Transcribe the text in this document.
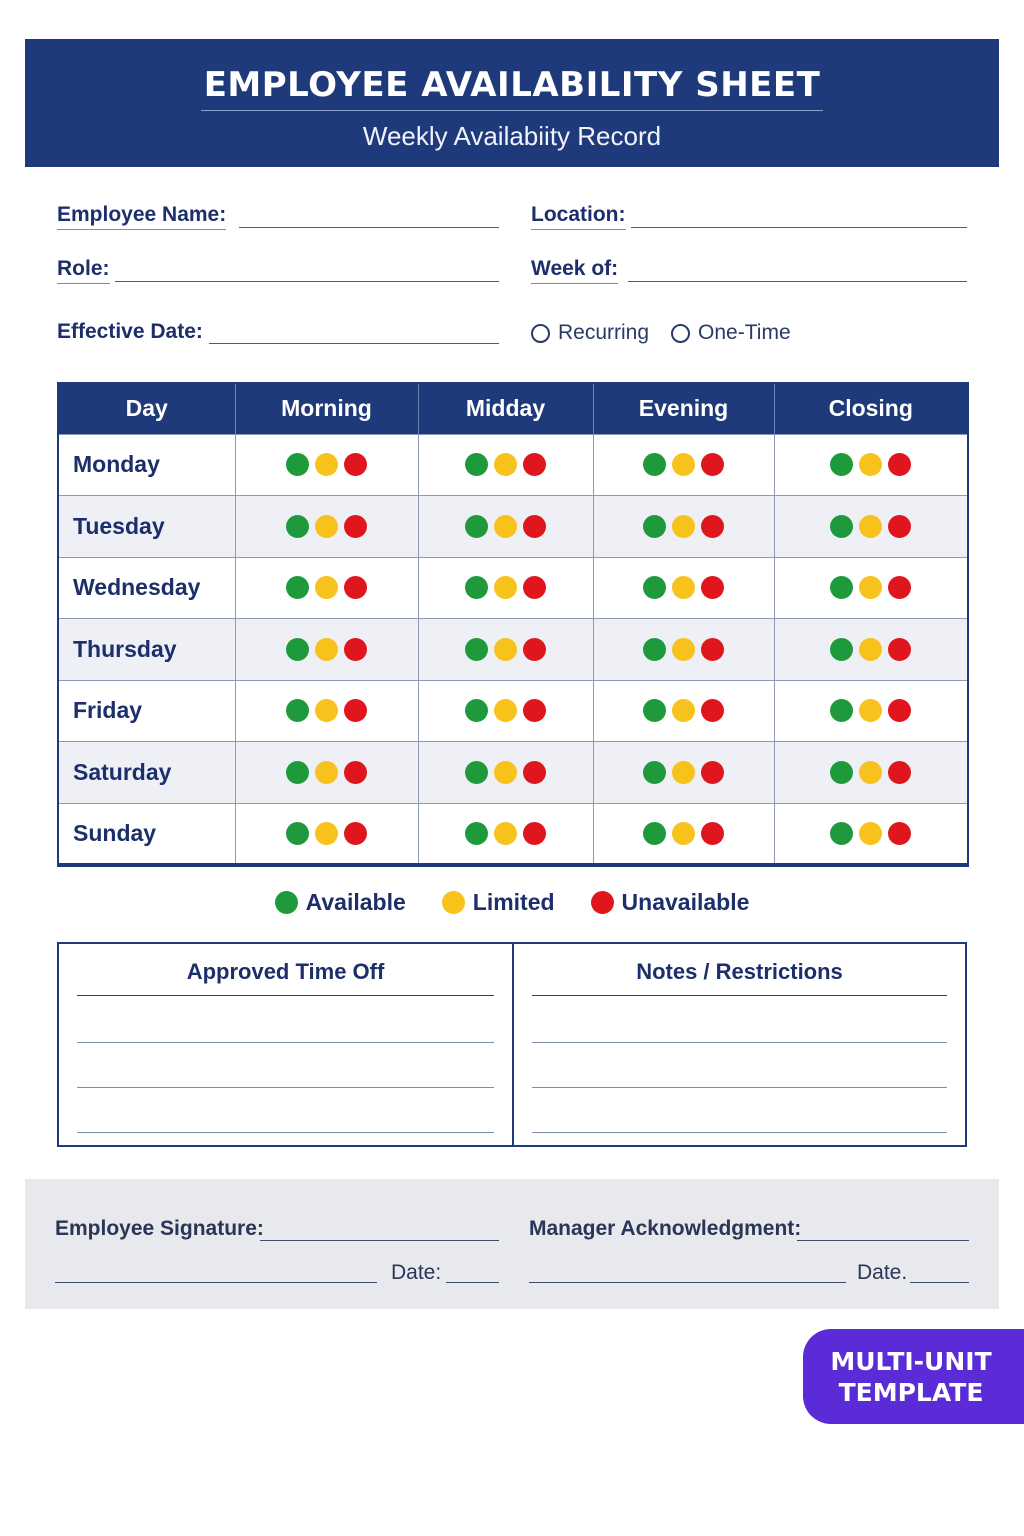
EMPLOYEE AVAILABILITY SHEET
Weekly Availabiity Record
Employee Name:	Location:
Role:	Week of:
Effective Date:	Recurring One-Time
Day	Morning	Midday	Evening	Closing
Monday	

Tuesday	

Wednesday	

Thursday	

Friday	

Saturday	

Sunday	

Available	Limited	Unavailable
Approved Time Off	Notes / Restrictions
Employee Signature:	Manager Acknowledgment:
Date:	Date.
MULTI-UNIT
TEMPLATE
